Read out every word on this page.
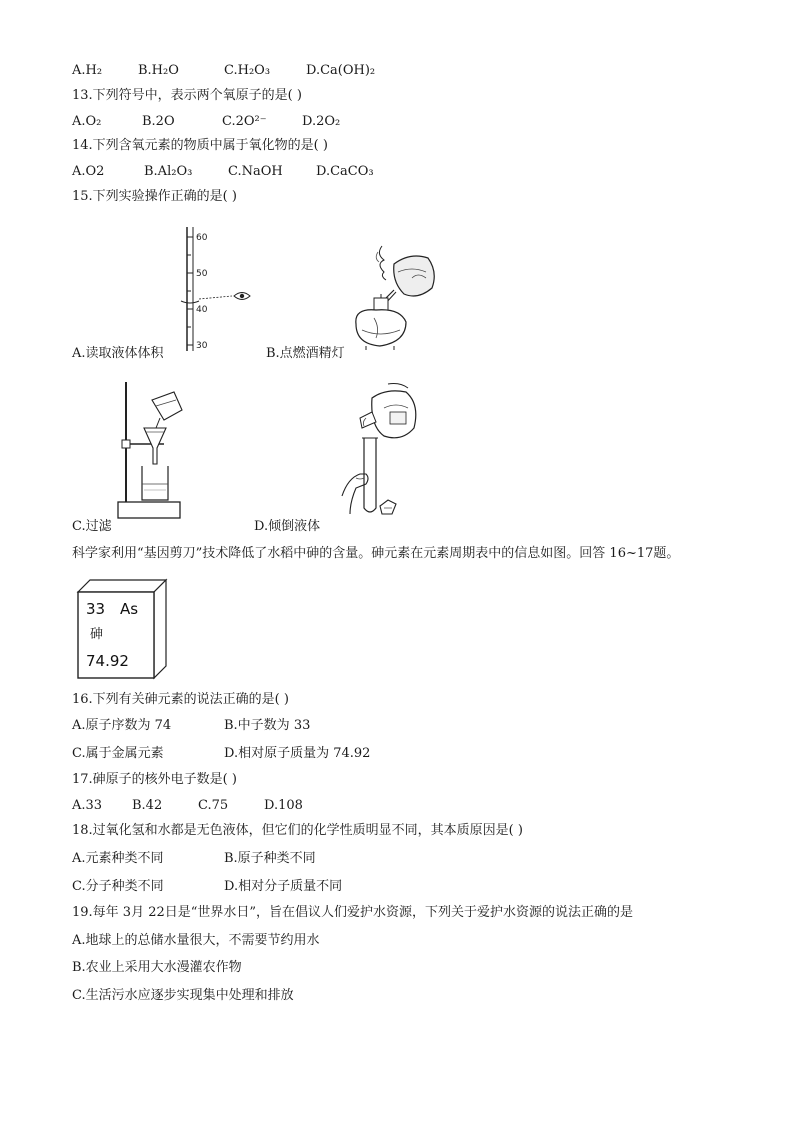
A.H₂	B.H₂O	C.H₂O₃	D.Ca(OH)₂
13.下列符号中，表示两个氧原子的是( )
A.O₂	B.2O	C.2O²⁻	D.2O₂
14.下列含氧元素的物质中属于氧化物的是( )
A.O2	B.Al₂O₃	C.NaOH	D.CaCO₃
15.下列实验操作正确的是( )
60
50
40
30
A.读取液体体积	B.点燃酒精灯
C.过滤	D.倾倒液体
科学家利用“基因剪刀”技术降低了水稻中砷的含量。砷元素在元素周期表中的信息如图。回答 16~17题。
33 As
砷
74.92
16.下列有关砷元素的说法正确的是( )
A.原子序数为 74	B.中子数为 33
C.属于金属元素	D.相对原子质量为 74.92
17.砷原子的核外电子数是( )
A.33 B.42	C.75	D.108
18.过氧化氢和水都是无色液体，但它们的化学性质明显不同，其本质原因是( )
A.元素种类不同	B.原子种类不同
C.分子种类不同	D.相对分子质量不同
19.每年 3月 22日是“世界水日”，旨在倡议人们爱护水资源，下列关于爱护水资源的说法正确的是
A.地球上的总储水量很大，不需要节约用水
B.农业上采用大水漫灌农作物
C.生活污水应逐步实现集中处理和排放
